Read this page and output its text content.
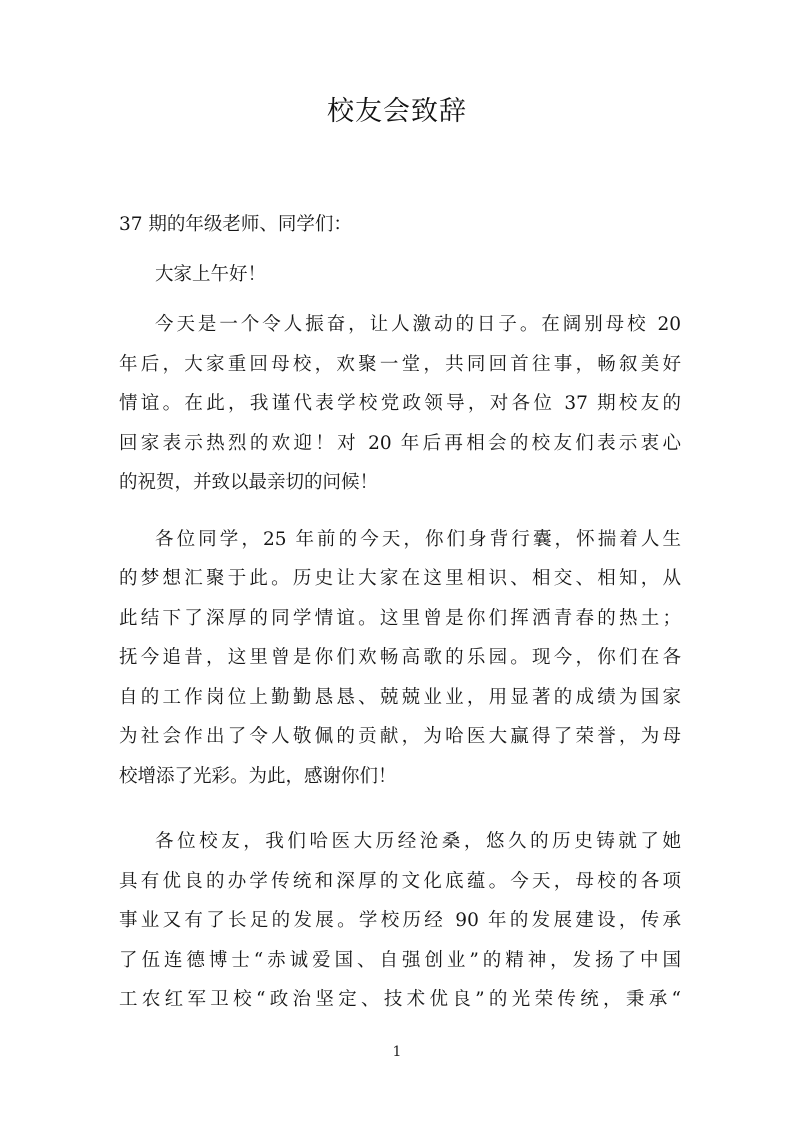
校友会致辞
37 期的年级老师、同学们：
大家上午好！
今天是一个令人振奋，让人激动的日子。在阔别母校 20
年后，大家重回母校，欢聚一堂，共同回首往事，畅叙美好
情谊。在此，我谨代表学校党政领导，对各位 37 期校友的
回家表示热烈的欢迎！对 20 年后再相会的校友们表示衷心
的祝贺，并致以最亲切的问候！
各位同学，25 年前的今天，你们身背行囊，怀揣着人生
的梦想汇聚于此。历史让大家在这里相识、相交、相知，从
此结下了深厚的同学情谊。这里曾是你们挥洒青春的热土；
抚今追昔，这里曾是你们欢畅高歌的乐园。现今，你们在各
自的工作岗位上勤勤恳恳、兢兢业业，用显著的成绩为国家
为社会作出了令人敬佩的贡献，为哈医大赢得了荣誉，为母
校增添了光彩。为此，感谢你们！
各位校友，我们哈医大历经沧桑，悠久的历史铸就了她
具有优良的办学传统和深厚的文化底蕴。今天，母校的各项
事业又有了长足的发展。学校历经 90 年的发展建设，传承
了伍连德博士“赤诚爱国、自强创业”的精神，发扬了中国
工农红军卫校“政治坚定、技术优良”的光荣传统，秉承“
1
